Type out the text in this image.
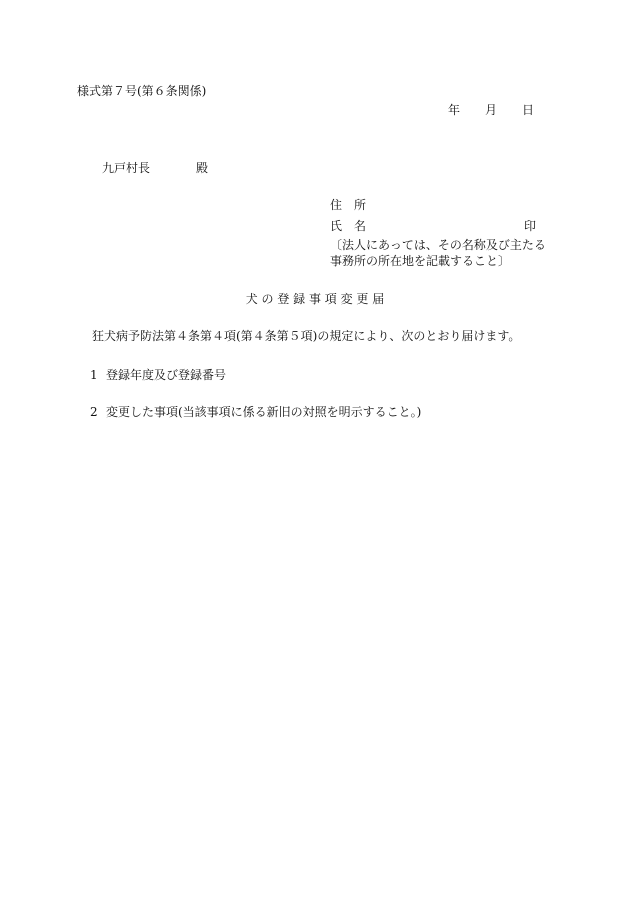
様式第７号(第６条関係)
年 月 日
九戸村長	殿
住　所
氏　名	印
〔法人にあっては、その名称及び主たる
事務所の所在地を記載すること〕
犬 の 登 録 事 項 変 更 届
狂犬病予防法第４条第４項(第４条第５項)の規定により、次のとおり届けます。
1 登録年度及び登録番号
2 変更した事項(当該事項に係る新旧の対照を明示すること。)
